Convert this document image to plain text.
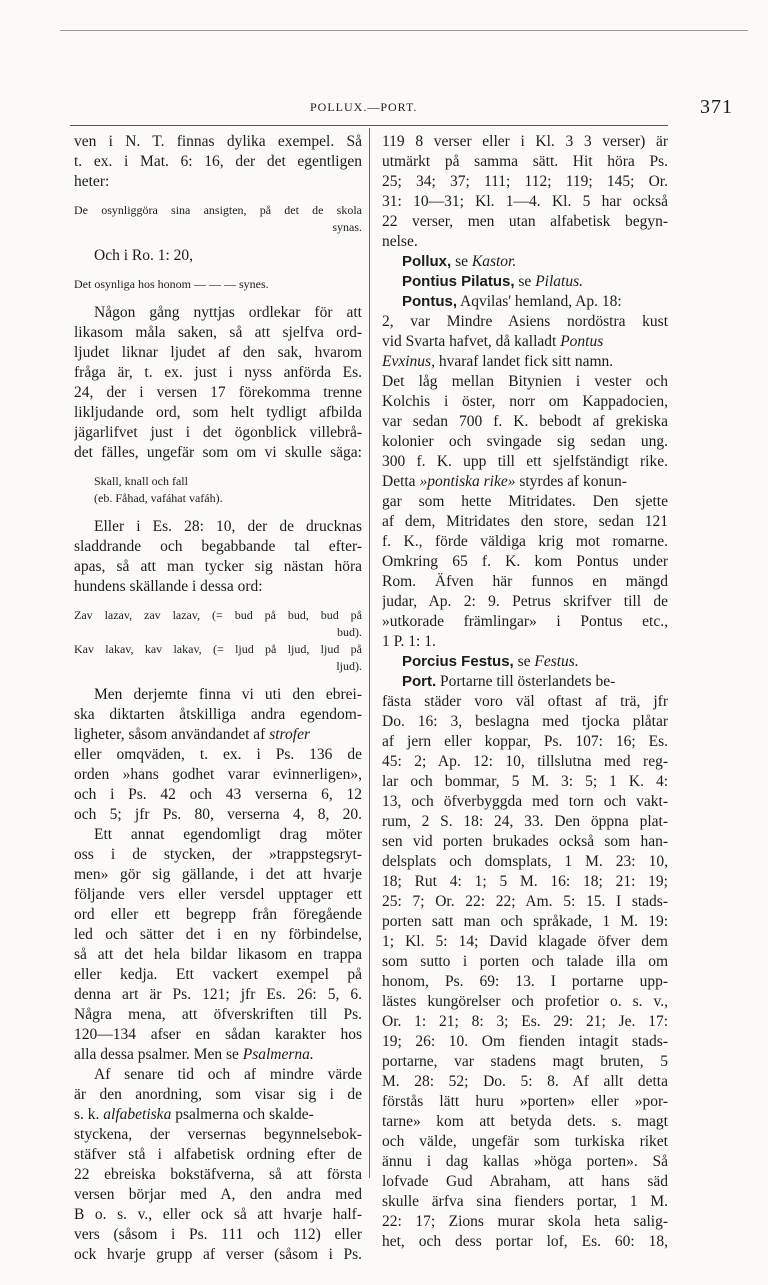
POLLUX.—PORT.	371
ven i N. T. finnas dylika exempel. Så
t. ex. i Mat. 6: 16, der det egentligen
heter:
De osynliggöra sina ansigten, på det de skola
synas.
Och i Ro. 1: 20,
Det osynliga hos honom — — — synes.
Någon gång nyttjas ordlekar för att
likasom måla saken, så att sjelfva ord-
ljudet liknar ljudet af den sak, hvarom
fråga är, t. ex. just i nyss anförda Es.
24, der i versen 17 förekomma trenne
likljudande ord, som helt tydligt afbilda
jägarlifvet just i det ögonblick villebrå-
det fälles, ungefär som om vi skulle säga:
Skall, knall och fall
(eb. Fåhad, vafáhat vafáh).
Eller i Es. 28: 10, der de drucknas
sladdrande och begabbande tal efter-
apas, så att man tycker sig nästan höra
hundens skällande i dessa ord:
Zav lazav, zav lazav, (= bud på bud, bud på
bud).
Kav lakav, kav lakav, (= ljud på ljud, ljud på
ljud).
Men derjemte finna vi uti den ebrei-
ska diktarten åtskilliga andra egendom-
ligheter, såsom användandet af strofer
eller omqväden, t. ex. i Ps. 136 de
orden »hans godhet varar evinnerligen»,
och i Ps. 42 och 43 verserna 6, 12
och 5; jfr Ps. 80, verserna 4, 8, 20.
Ett annat egendomligt drag möter
oss i de stycken, der »trappstegsryt-
men» gör sig gällande, i det att hvarje
följande vers eller versdel upptager ett
ord eller ett begrepp från föregående
led och sätter det i en ny förbindelse,
så att det hela bildar likasom en trappa
eller kedja. Ett vackert exempel på
denna art är Ps. 121; jfr Es. 26: 5, 6.
Några mena, att öfverskriften till Ps.
120—134 afser en sådan karakter hos
alla dessa psalmer. Men se Psalmerna.
Af senare tid och af mindre värde
är den anordning, som visar sig i de
s. k. alfabetiska psalmerna och skalde-
styckena, der versernas begynnelsebok-
stäfver stå i alfabetisk ordning efter de
22 ebreiska bokstäfverna, så att första
versen börjar med A, den andra med
B o. s. v., eller ock så att hvarje half-
vers (såsom i Ps. 111 och 112) eller
ock hvarje grupp af verser (såsom i Ps.
119 8 verser eller i Kl. 3 3 verser) är
utmärkt på samma sätt. Hit höra Ps.
25; 34; 37; 111; 112; 119; 145; Or.
31: 10—31; Kl. 1—4. Kl. 5 har också
22 verser, men utan alfabetisk begyn-
nelse.
Pollux, se Kastor.
Pontius Pilatus, se Pilatus.
Pontus, Aqvilas' hemland, Ap. 18:
2, var Mindre Asiens nordöstra kust
vid Svarta hafvet, då kalladt Pontus
Evxinus, hvaraf landet fick sitt namn.
Det låg mellan Bitynien i vester och
Kolchis i öster, norr om Kappadocien,
var sedan 700 f. K. bebodt af grekiska
kolonier och svingade sig sedan ung.
300 f. K. upp till ett sjelfständigt rike.
Detta »pontiska rike» styrdes af konun-
gar som hette Mitridates. Den sjette
af dem, Mitridates den store, sedan 121
f. K., förde väldiga krig mot romarne.
Omkring 65 f. K. kom Pontus under
Rom. Äfven här funnos en mängd
judar, Ap. 2: 9. Petrus skrifver till de
»utkorade främlingar» i Pontus etc.,
1 P. 1: 1.
Porcius Festus, se Festus.
Port. Portarne till österlandets be-
fästa städer voro väl oftast af trä, jfr
Do. 16: 3, beslagna med tjocka plåtar
af jern eller koppar, Ps. 107: 16; Es.
45: 2; Ap. 12: 10, tillslutna med reg-
lar och bommar, 5 M. 3: 5; 1 K. 4:
13, och öfverbyggda med torn och vakt-
rum, 2 S. 18: 24, 33. Den öppna plat-
sen vid porten brukades också som han-
delsplats och domsplats, 1 M. 23: 10,
18; Rut 4: 1; 5 M. 16: 18; 21: 19;
25: 7; Or. 22: 22; Am. 5: 15. I stads-
porten satt man och språkade, 1 M. 19:
1; Kl. 5: 14; David klagade öfver dem
som sutto i porten och talade illa om
honom, Ps. 69: 13. I portarne upp-
lästes kungörelser och profetior o. s. v.,
Or. 1: 21; 8: 3; Es. 29: 21; Je. 17:
19; 26: 10. Om fienden intagit stads-
portarne, var stadens magt bruten, 5
M. 28: 52; Do. 5: 8. Af allt detta
förstås lätt huru »porten» eller »por-
tarne» kom att betyda dets. s. magt
och välde, ungefär som turkiska riket
ännu i dag kallas »höga porten». Så
lofvade Gud Abraham, att hans säd
skulle ärfva sina fienders portar, 1 M.
22: 17; Zions murar skola heta salig-
het, och dess portar lof, Es. 60: 18,
